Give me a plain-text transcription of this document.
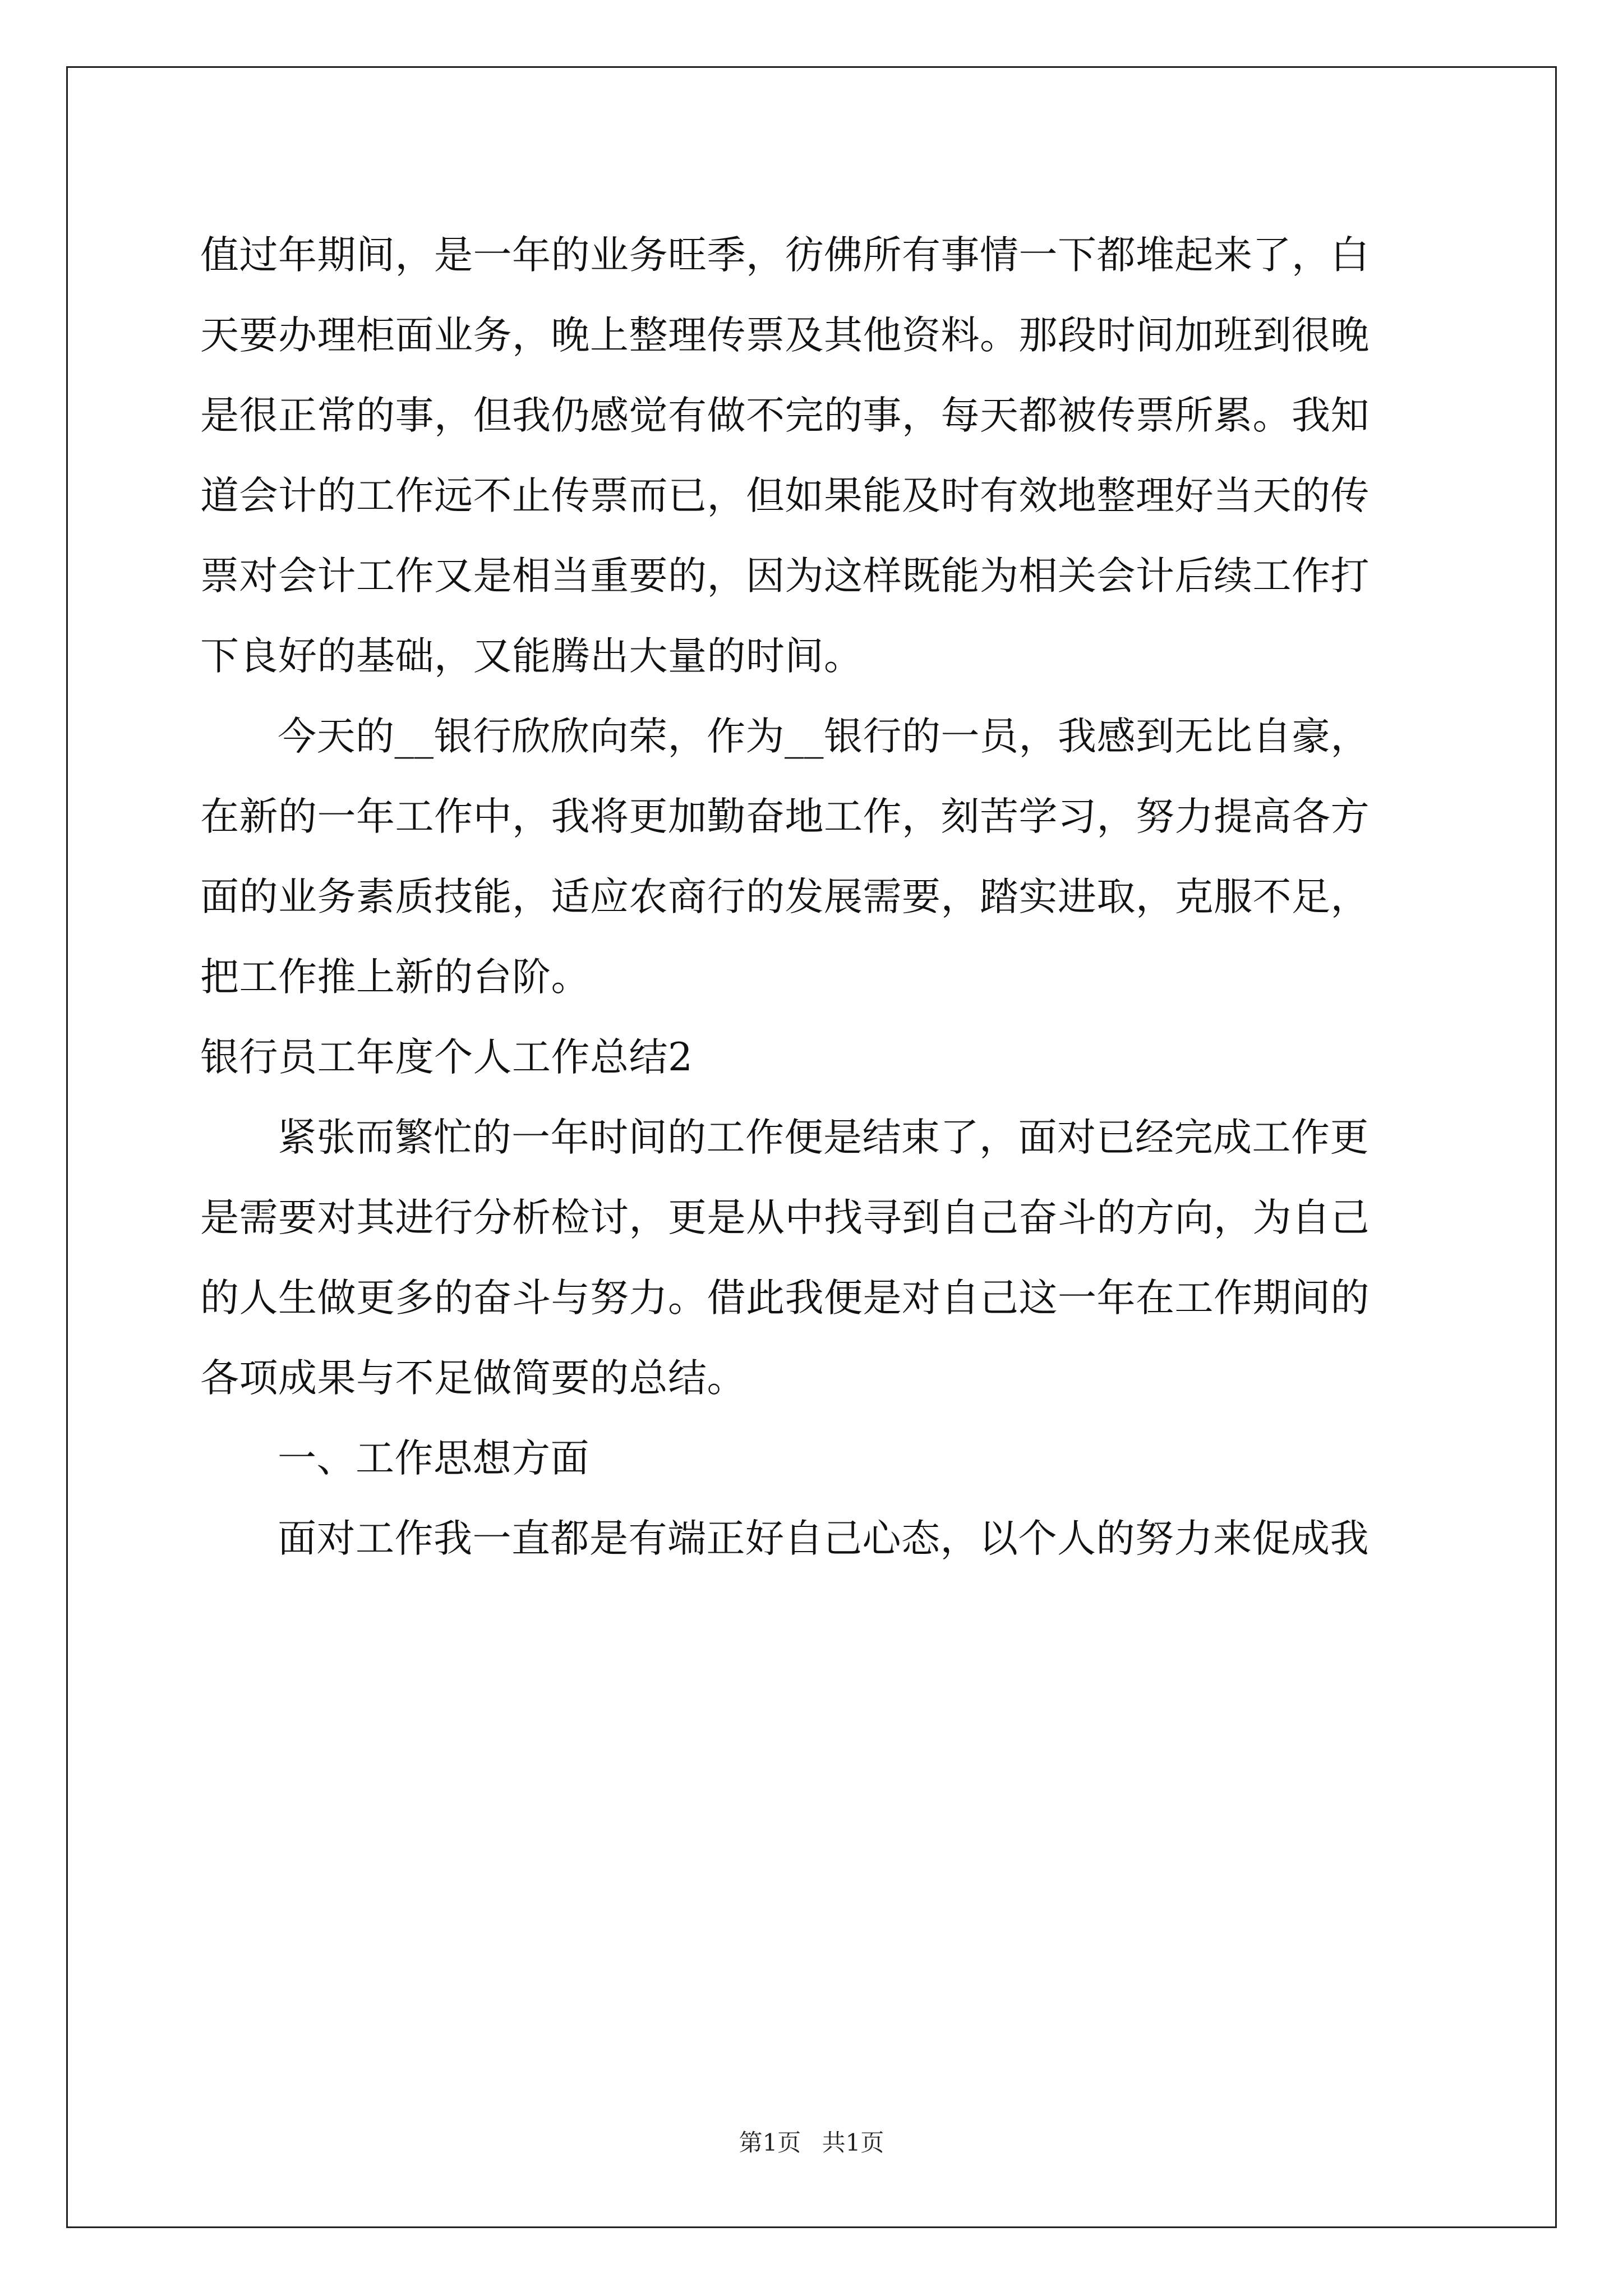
值过年期间，是一年的业务旺季，彷佛所有事情一下都堆起来了，白
天要办理柜面业务，晚上整理传票及其他资料。那段时间加班到很晚
是很正常的事，但我仍感觉有做不完的事，每天都被传票所累。我知
道会计的工作远不止传票而已，但如果能及时有效地整理好当天的传
票对会计工作又是相当重要的，因为这样既能为相关会计后续工作打
下良好的基础，又能腾出大量的时间。
今天的__银行欣欣向荣，作为__银行的一员，我感到无比自豪，
在新的一年工作中，我将更加勤奋地工作，刻苦学习，努力提高各方
面的业务素质技能，适应农商行的发展需要，踏实进取，克服不足，
把工作推上新的台阶。
银行员工年度个人工作总结2
紧张而繁忙的一年时间的工作便是结束了，面对已经完成工作更
是需要对其进行分析检讨，更是从中找寻到自己奋斗的方向，为自己
的人生做更多的奋斗与努力。借此我便是对自己这一年在工作期间的
各项成果与不足做简要的总结。
一、工作思想方面
面对工作我一直都是有端正好自己心态，以个人的努力来促成我
第1页 共1页
